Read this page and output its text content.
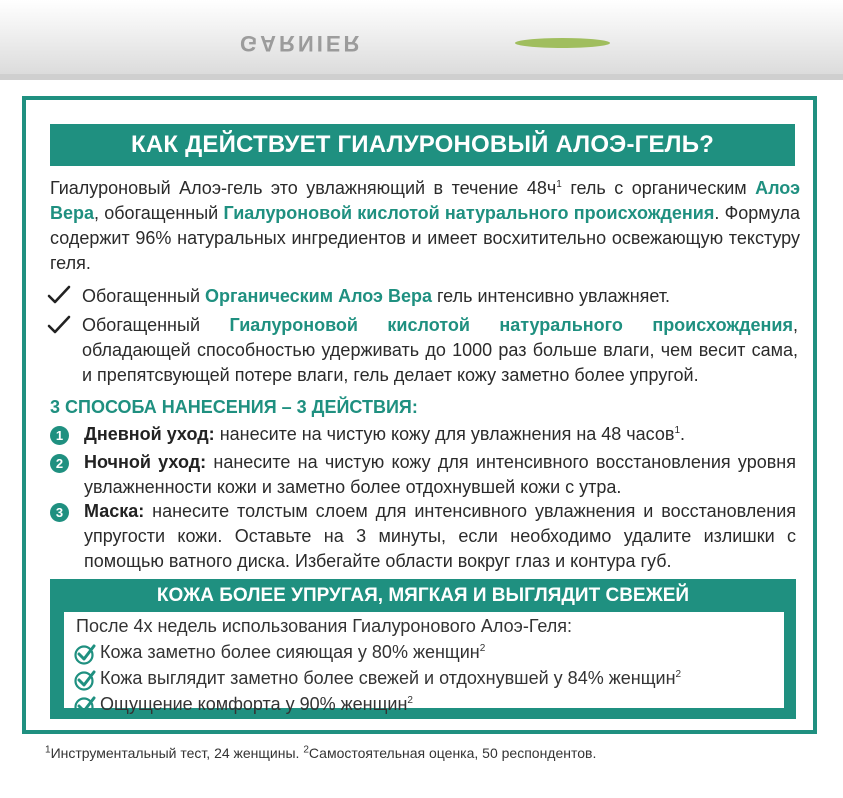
GARNIER
КАК ДЕЙСТВУЕТ ГИАЛУРОНОВЫЙ АЛОЭ-ГЕЛЬ?
Гиалуроновый Алоэ-гель это увлажняющий в течение $48ч^1$ гель с органическим Алоэ Вера, обогащенный Гиалуроновой кислотой натурального происхождения. Формула содержит 96% натуральных ингредиентов и имеет восхитительно освежающую текстуру геля.
Обогащенный Органическим Алоэ Вера гель интенсивно увлажняет.
Обогащенный Гиалуроновой кислотой натурального происхождения, обладающей способностью удерживать до 1000 раз больше влаги, чем весит сама, и препятсвующей потере влаги, гель делает кожу заметно более упругой.
3 СПОСОБА НАНЕСЕНИЯ – 3 ДЕЙСТВИЯ:
1	Дневной уход: нанесите на чистую кожу для увлажнения на 48 часов$^1$.
2	Ночной уход: нанесите на чистую кожу для интенсивного восстановления уровня увлажненности кожи и заметно более отдохнувшей кожи с утра.
3	Маска: нанесите толстым слоем для интенсивного увлажнения и восстановления упругости кожи. Оставьте на 3 минуты, если необходимо удалите излишки с помощью ватного диска. Избегайте области вокруг глаз и контура губ.
КОЖА БОЛЕЕ УПРУГАЯ, МЯГКАЯ И ВЫГЛЯДИТ СВЕЖЕЙ
После 4х недель использования Гиалуронового Алоэ-Геля:
Кожа заметно более сияющая у 80% женщин$^2$
Кожа выглядит заметно более свежей и отдохнувшей у 84% женщин$^2$
Ощущение комфорта у 90% женщин$^2$
$^1$Инструментальный тест, 24 женщины. $^2$Самостоятельная оценка, 50 респондентов.
